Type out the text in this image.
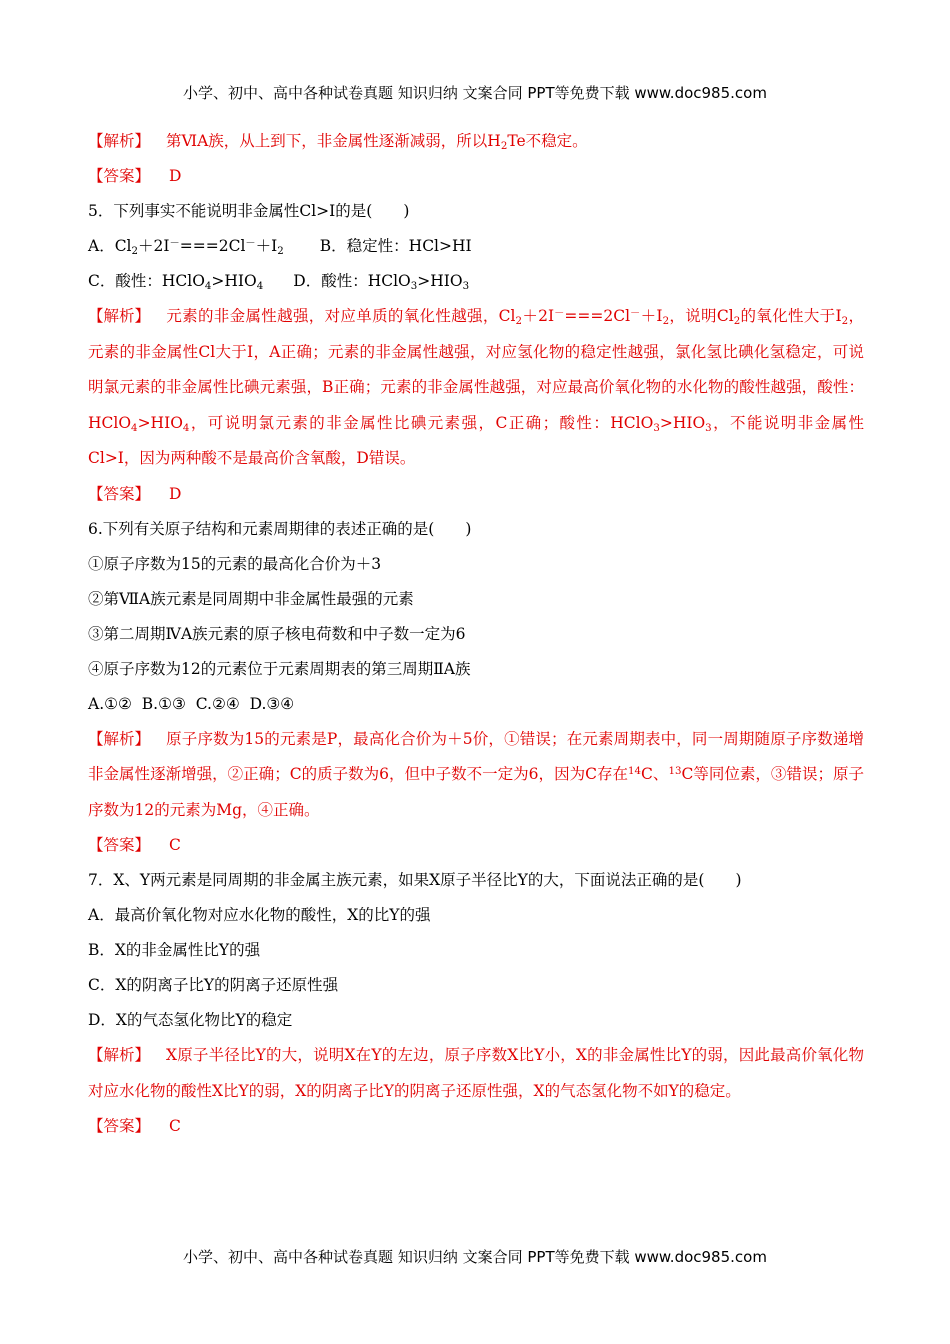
小学、初中、高中各种试卷真题 知识归纳 文案合同 PPT等免费下载 www.doc985.com
【解析】 第ⅥA族，从上到下，非金属性逐渐减弱，所以$H_2Te$不稳定。
【答案】 D
5．下列事实不能说明非金属性Cl>I的是(　　)
A．$Cl_2+2I^-===2Cl^-+I_2$ B．稳定性：HCl>HI
C．酸性：$HClO_4>HIO_4$ D．酸性：$HClO_3>HIO_3$
【解析】 元素的非金属性越强，对应单质的氧化性越强，$Cl_2+2I^-===2Cl^-+I_2$，说明$Cl_2$的氧化性大于$I_2$，元素的非金属性Cl大于I，A正确；元素的非金属性越强，对应氢化物的稳定性越强，氯化氢比碘化氢稳定，可说明氯元素的非金属性比碘元素强，B正确；元素的非金属性越强，对应最高价氧化物的水化物的酸性越强，酸性：$HClO_4>HIO_4$，可说明氯元素的非金属性比碘元素强，C正确；酸性：$HClO_3>HIO_3$，不能说明非金属性Cl>I，因为两种酸不是最高价含氧酸，D错误。
【答案】 D
6.下列有关原子结构和元素周期律的表述正确的是(　　)
①原子序数为15的元素的最高化合价为＋3
②第ⅦA族元素是同周期中非金属性最强的元素
③第二周期ⅣA族元素的原子核电荷数和中子数一定为6
④原子序数为12的元素位于元素周期表的第三周期ⅡA族
A.①②  B.①③  C.②④  D.③④
【解析】 原子序数为15的元素是P，最高化合价为＋5价，①错误；在元素周期表中，同一周期随原子序数递增非金属性逐渐增强，②正确；C的质子数为6，但中子数不一定为6，因为C存在$^{14}$C、$^{13}$C等同位素，③错误；原子序数为12的元素为Mg，④正确。
【答案】 C
7．X、Y两元素是同周期的非金属主族元素，如果X原子半径比Y的大，下面说法正确的是(　　)
A．最高价氧化物对应水化物的酸性，X的比Y的强
B．X的非金属性比Y的强
C．X的阴离子比Y的阴离子还原性强
D．X的气态氢化物比Y的稳定
【解析】 X原子半径比Y的大，说明X在Y的左边，原子序数X比Y小，X的非金属性比Y的弱，因此最高价氧化物对应水化物的酸性X比Y的弱，X的阴离子比Y的阴离子还原性强，X的气态氢化物不如Y的稳定。
【答案】 C
小学、初中、高中各种试卷真题 知识归纳 文案合同 PPT等免费下载 www.doc985.com
